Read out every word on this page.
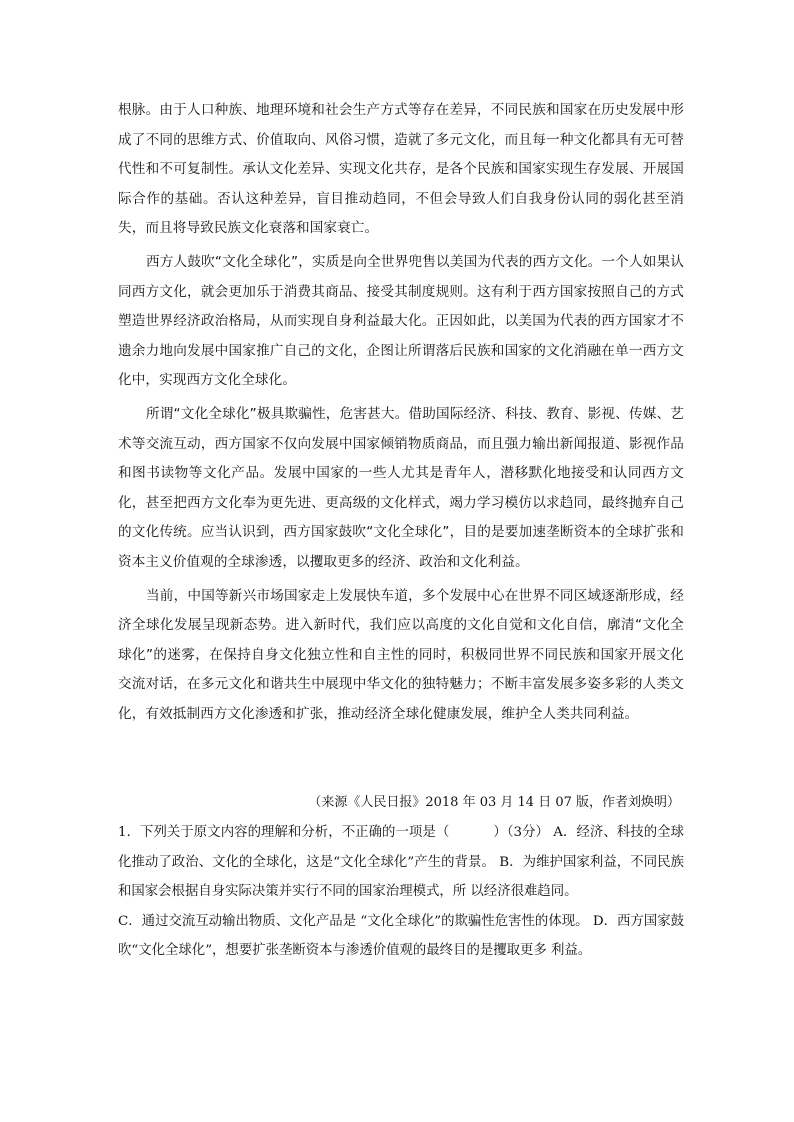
根脉。由于人口种族、地理环境和社会生产方式等存在差异，不同民族和国家在历史发展中形成了不同的思维方式、价值取向、风俗习惯，造就了多元文化，而且每一种文化都具有无可替代性和不可复制性。承认文化差异、实现文化共存，是各个民族和国家实现生存发展、开展国际合作的基础。否认这种差异，盲目推动趋同，不但会导致人们自我身份认同的弱化甚至消失，而且将导致民族文化衰落和国家衰亡。

西方人鼓吹“文化全球化”，实质是向全世界兜售以美国为代表的西方文化。一个人如果认同西方文化，就会更加乐于消费其商品、接受其制度规则。这有利于西方国家按照自己的方式塑造世界经济政治格局，从而实现自身利益最大化。正因如此，以美国为代表的西方国家才不遗余力地向发展中国家推广自己的文化，企图让所谓落后民族和国家的文化消融在单一西方文化中，实现西方文化全球化。

所谓“文化全球化”极具欺骗性，危害甚大。借助国际经济、科技、教育、影视、传媒、艺术等交流互动，西方国家不仅向发展中国家倾销物质商品，而且强力输出新闻报道、影视作品和图书读物等文化产品。发展中国家的一些人尤其是青年人，潜移默化地接受和认同西方文化，甚至把西方文化奉为更先进、更高级的文化样式，竭力学习模仿以求趋同，最终抛弃自己的文化传统。应当认识到，西方国家鼓吹“文化全球化”，目的是要加速垄断资本的全球扩张和资本主义价值观的全球渗透，以攫取更多的经济、政治和文化利益。

当前，中国等新兴市场国家走上发展快车道，多个发展中心在世界不同区域逐渐形成，经济全球化发展呈现新态势。进入新时代，我们应以高度的文化自觉和文化自信，廓清“文化全球化”的迷雾，在保持自身文化独立性和自主性的同时，积极同世界不同民族和国家开展文化交流对话，在多元文化和谐共生中展现中华文化的独特魅力；不断丰富发展多姿多彩的人类文化，有效抵制西方文化渗透和扩张，推动经济全球化健康发展，维护全人类共同利益。

（来源《人民日报》2018 年 03 月 14 日 07 版，作者刘焕明）

1．下列关于原文内容的理解和分析，不正确的一项是（	）（3分） A．经济、科技的全球化推动了政治、文化的全球化，这是“文化全球化”产生的背景。 B．为维护国家利益，不同民族和国家会根据自身实际决策并实行不同的国家治理模式，所 以经济很难趋同。

C．通过交流互动输出物质、文化产品是 “文化全球化”的欺骗性危害性的体现。 D．西方国家鼓吹“文化全球化”，想要扩张垄断资本与渗透价值观的最终目的是攫取更多 利益。
